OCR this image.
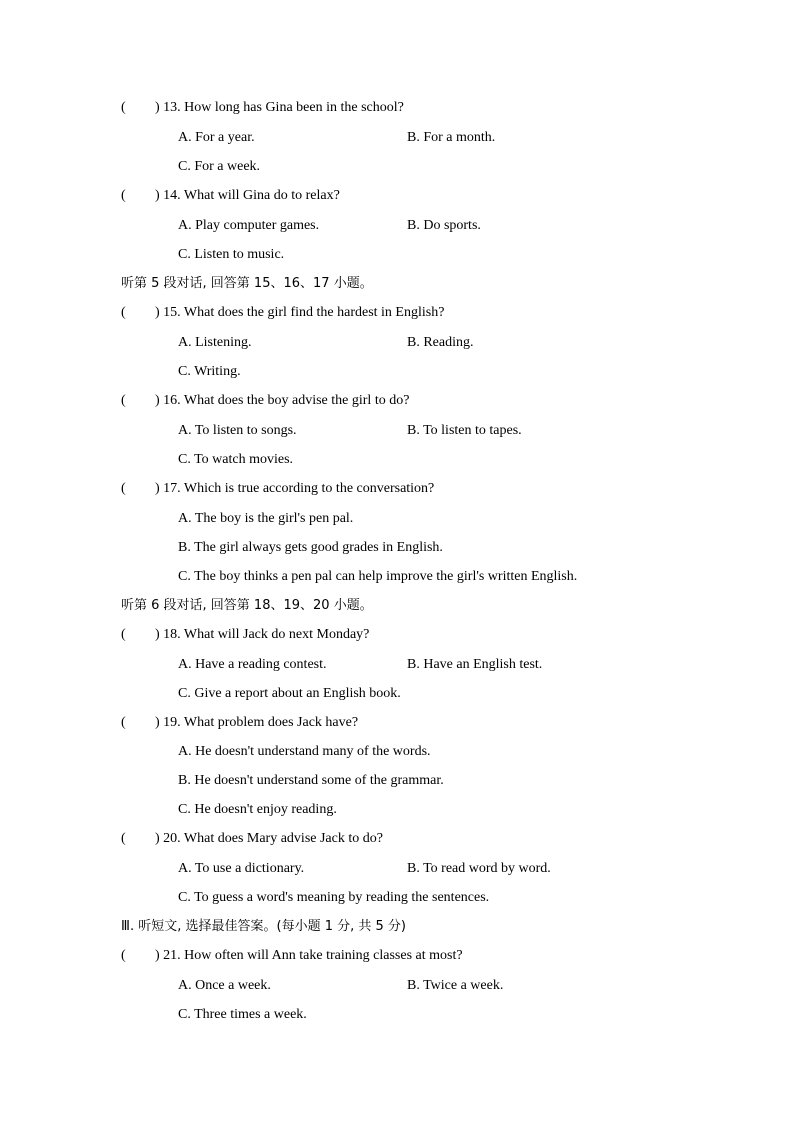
( ) 13. How long has Gina been in the school?
A. For a year.	B. For a month.
C. For a week.
( ) 14. What will Gina do to relax?
A. Play computer games.	B. Do sports.
C. Listen to music.
听第 5 段对话, 回答第 15、16、17 小题。
( ) 15. What does the girl find the hardest in English?
A. Listening.	B. Reading.
C. Writing.
( ) 16. What does the boy advise the girl to do?
A. To listen to songs.	B. To listen to tapes.
C. To watch movies.
( ) 17. Which is true according to the conversation?
A. The boy is the girl's pen pal.
B. The girl always gets good grades in English.
C. The boy thinks a pen pal can help improve the girl's written English.
听第 6 段对话, 回答第 18、19、20 小题。
( ) 18. What will Jack do next Monday?
A. Have a reading contest.	B. Have an English test.
C. Give a report about an English book.
( ) 19. What problem does Jack have?
A. He doesn't understand many of the words.
B. He doesn't understand some of the grammar.
C. He doesn't enjoy reading.
( ) 20. What does Mary advise Jack to do?
A. To use a dictionary.	B. To read word by word.
C. To guess a word's meaning by reading the sentences.
Ⅲ. 听短文, 选择最佳答案。(每小题 1 分, 共 5 分)
( ) 21. How often will Ann take training classes at most?
A. Once a week.	B. Twice a week.
C. Three times a week.
